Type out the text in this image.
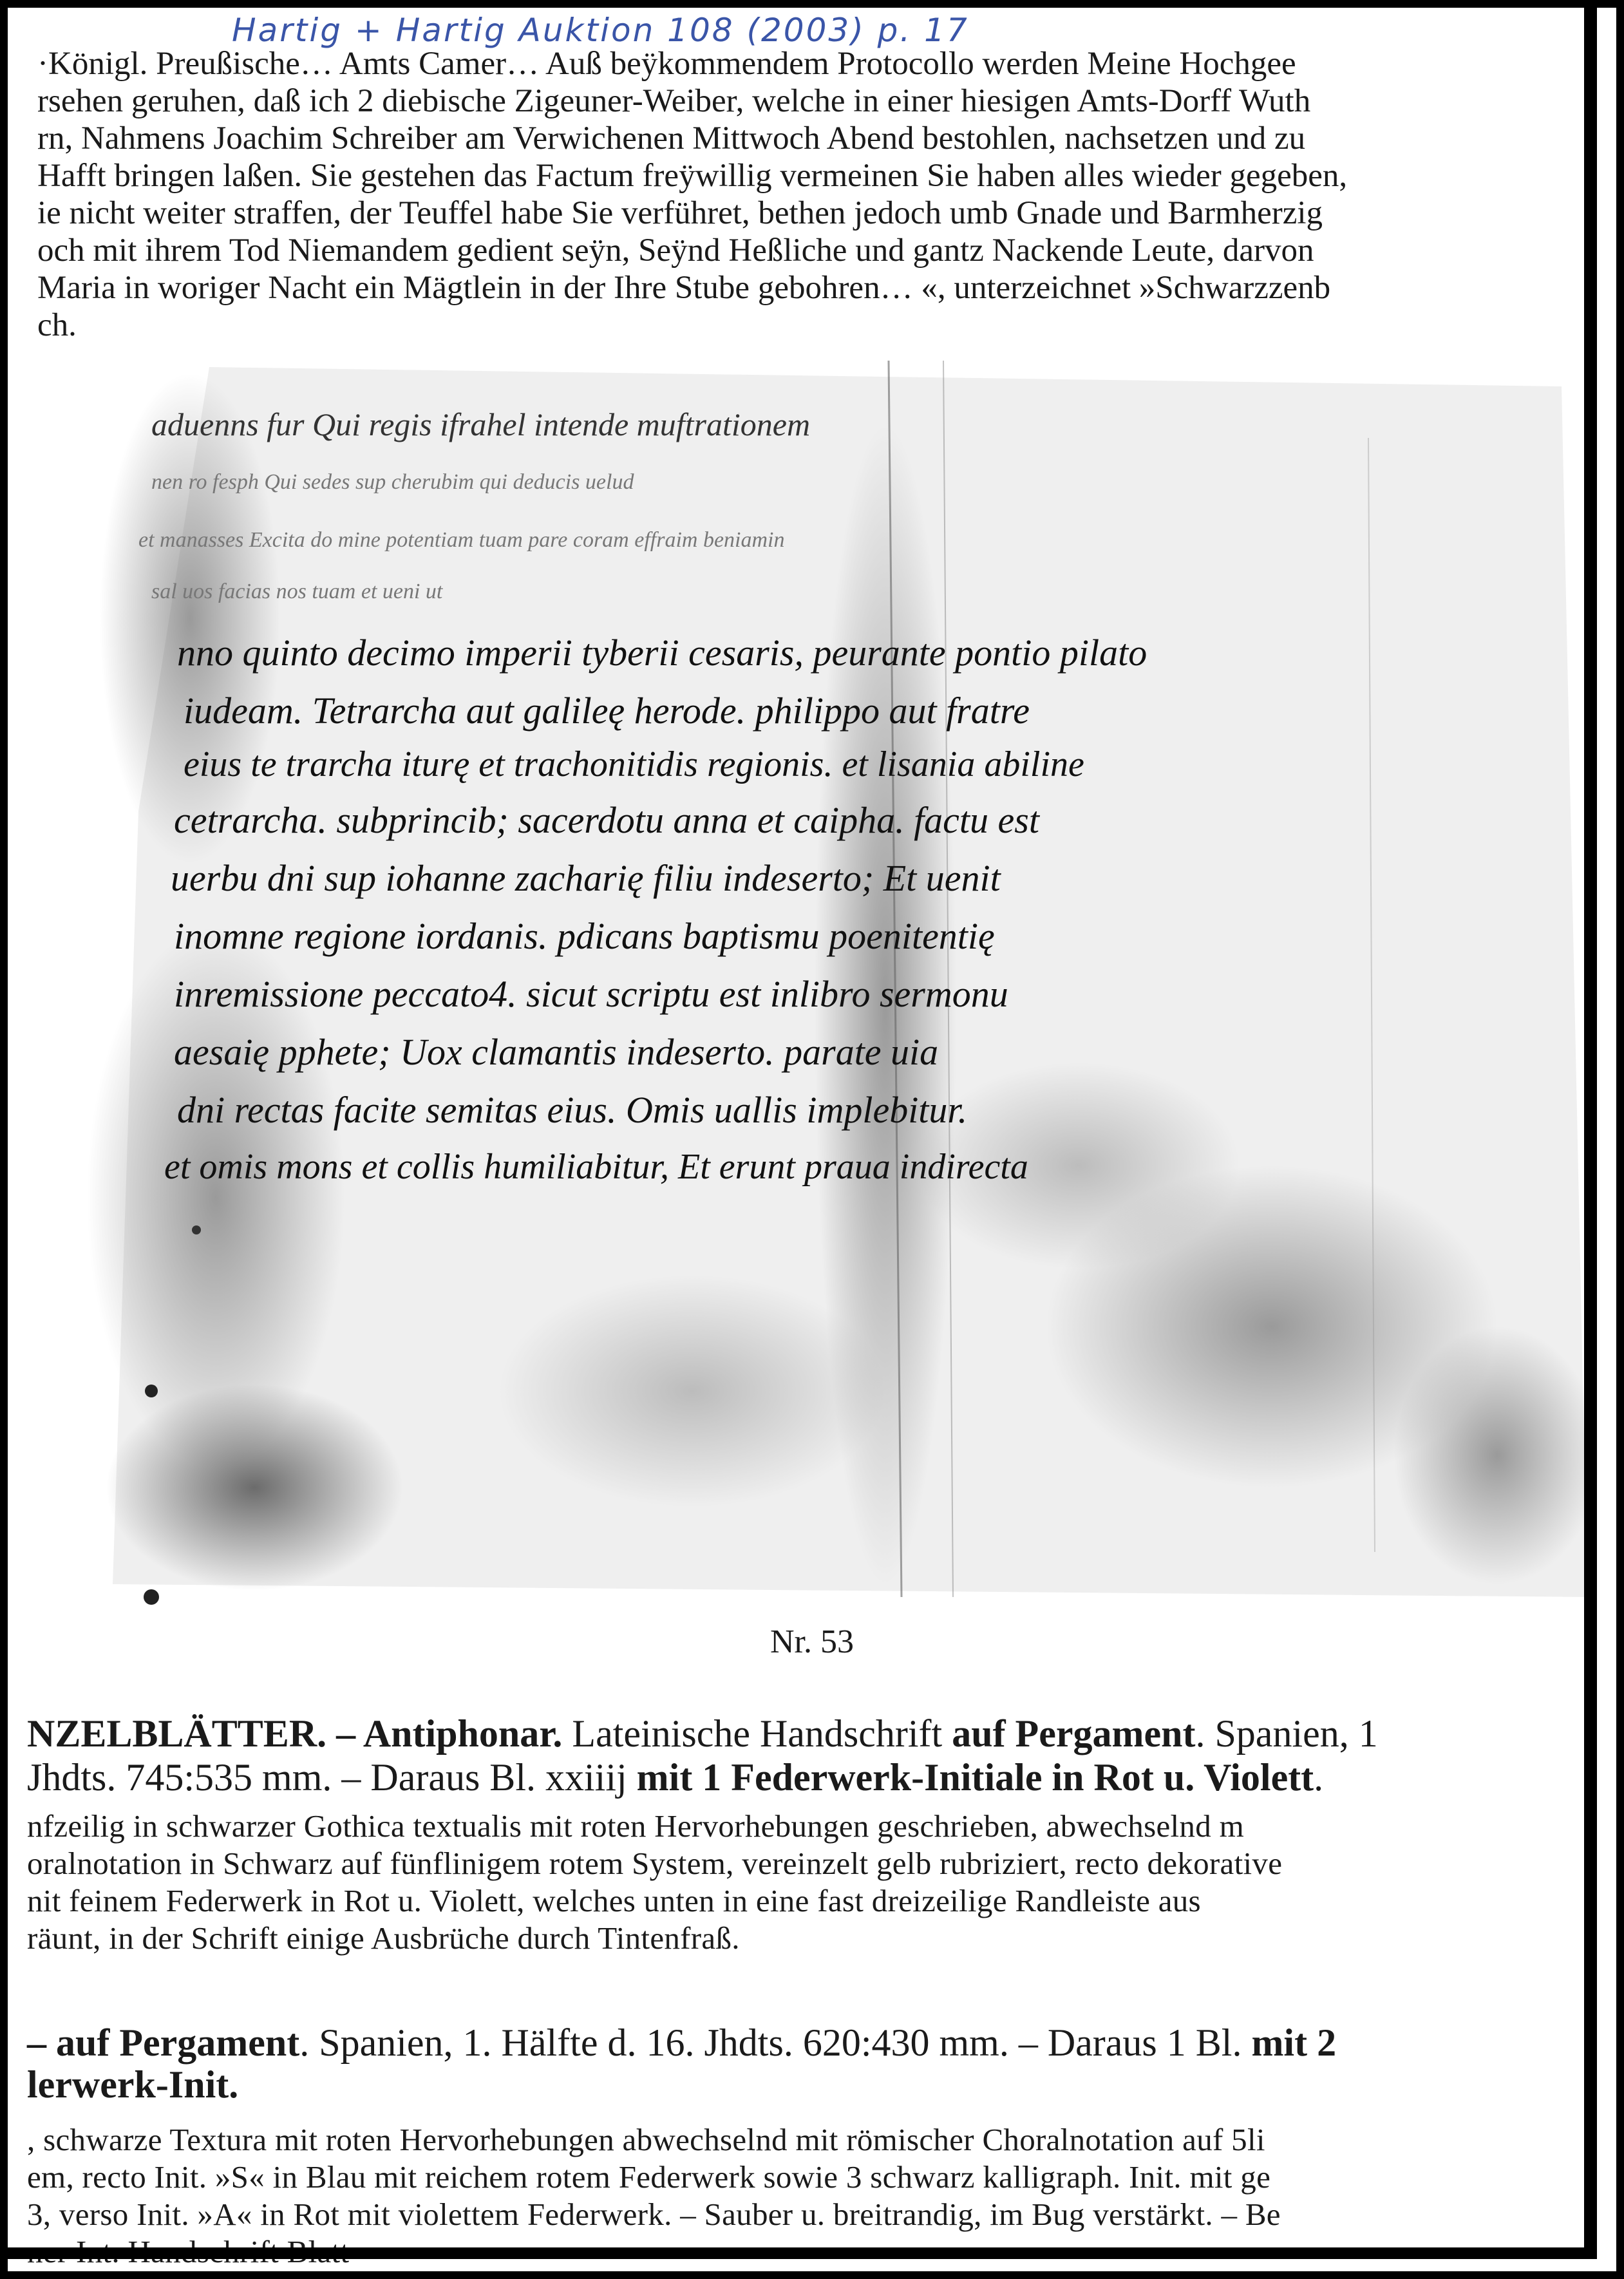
Hartig + Hartig Auktion 108 (2003) p. 17
·Königl. Preußische… Amts Camer… Auß beÿkommendem Protocollo werden Meine Hochgee
rsehen geruhen, daß ich 2 diebische Zigeuner-Weiber, welche in einer hiesigen Amts-Dorff Wuth
rn, Nahmens Joachim Schreiber am Verwichenen Mittwoch Abend bestohlen, nachsetzen und zu
Hafft bringen laßen. Sie gestehen das Factum freÿwillig vermeinen Sie haben alles wieder gegeben,
ie nicht weiter straffen, der Teuffel habe Sie verführet, bethen jedoch umb Gnade und Barmherzig
och mit ihrem Tod Niemandem gedient seÿn, Seÿnd Heßliche und gantz Nackende Leute, darvon
Maria in woriger Nacht ein Mägtlein in der Ihre Stube gebohren… «, unterzeichnet »Schwarzzenb
ch.
aduenns fur Qui regis ifrahel intende muftrationem
nen ro fesph Qui sedes sup cherubim qui deducis uelud
et manasses Excita do mine potentiam tuam pare coram effraim beniamin
sal uos facias nos tuam et ueni ut
nno quinto decimo imperii tyberii cesaris, peurante pontio pilato
iudeam. Tetrarcha aut galileę herode. philippo aut fratre
eius te trarcha iturę et trachonitidis regionis. et lisania abiline
cetrarcha. subprincib; sacerdotu anna et caipha. factu est
uerbu dni sup iohanne zacharię filiu indeserto; Et uenit
inomne regione iordanis. pdicans baptismu poenitentię
inremissione peccato4. sicut scriptu est inlibro sermonu
aesaię pphete; Uox clamantis indeserto. parate uia
dni rectas facite semitas eius. Omis uallis implebitur.
et omis mons et collis humiliabitur, Et erunt praua indirecta
Nr. 53
NZELBLÄTTER. – Antiphonar. Lateinische Handschrift auf Pergament. Spanien, 1
Jhdts. 745:535 mm. – Daraus Bl. xxiiij mit 1 Federwerk-Initiale in Rot u. Violett.
nfzeilig in schwarzer Gothica textualis mit roten Hervorhebungen geschrieben, abwechselnd m
oralnotation in Schwarz auf fünflinigem rotem System, vereinzelt gelb rubriziert, recto dekorative
nit feinem Federwerk in Rot u. Violett, welches unten in eine fast dreizeilige Randleiste aus
räunt, in der Schrift einige Ausbrüche durch Tintenfraß.
– auf Pergament. Spanien, 1. Hälfte d. 16. Jhdts. 620:430 mm. – Daraus 1 Bl. mit 2
lerwerk-Init.
, schwarze Textura mit roten Hervorhebungen abwechselnd mit römischer Choralnotation auf 5li
em, recto Init. »S« in Blau mit reichem rotem Federwerk sowie 3 schwarz kalligraph. Init. mit ge
3, verso Init. »A« in Rot mit violettem Federwerk. – Sauber u. breitrandig, im Bug verstärkt. – Be
ner Int. Handschrift Blatt
